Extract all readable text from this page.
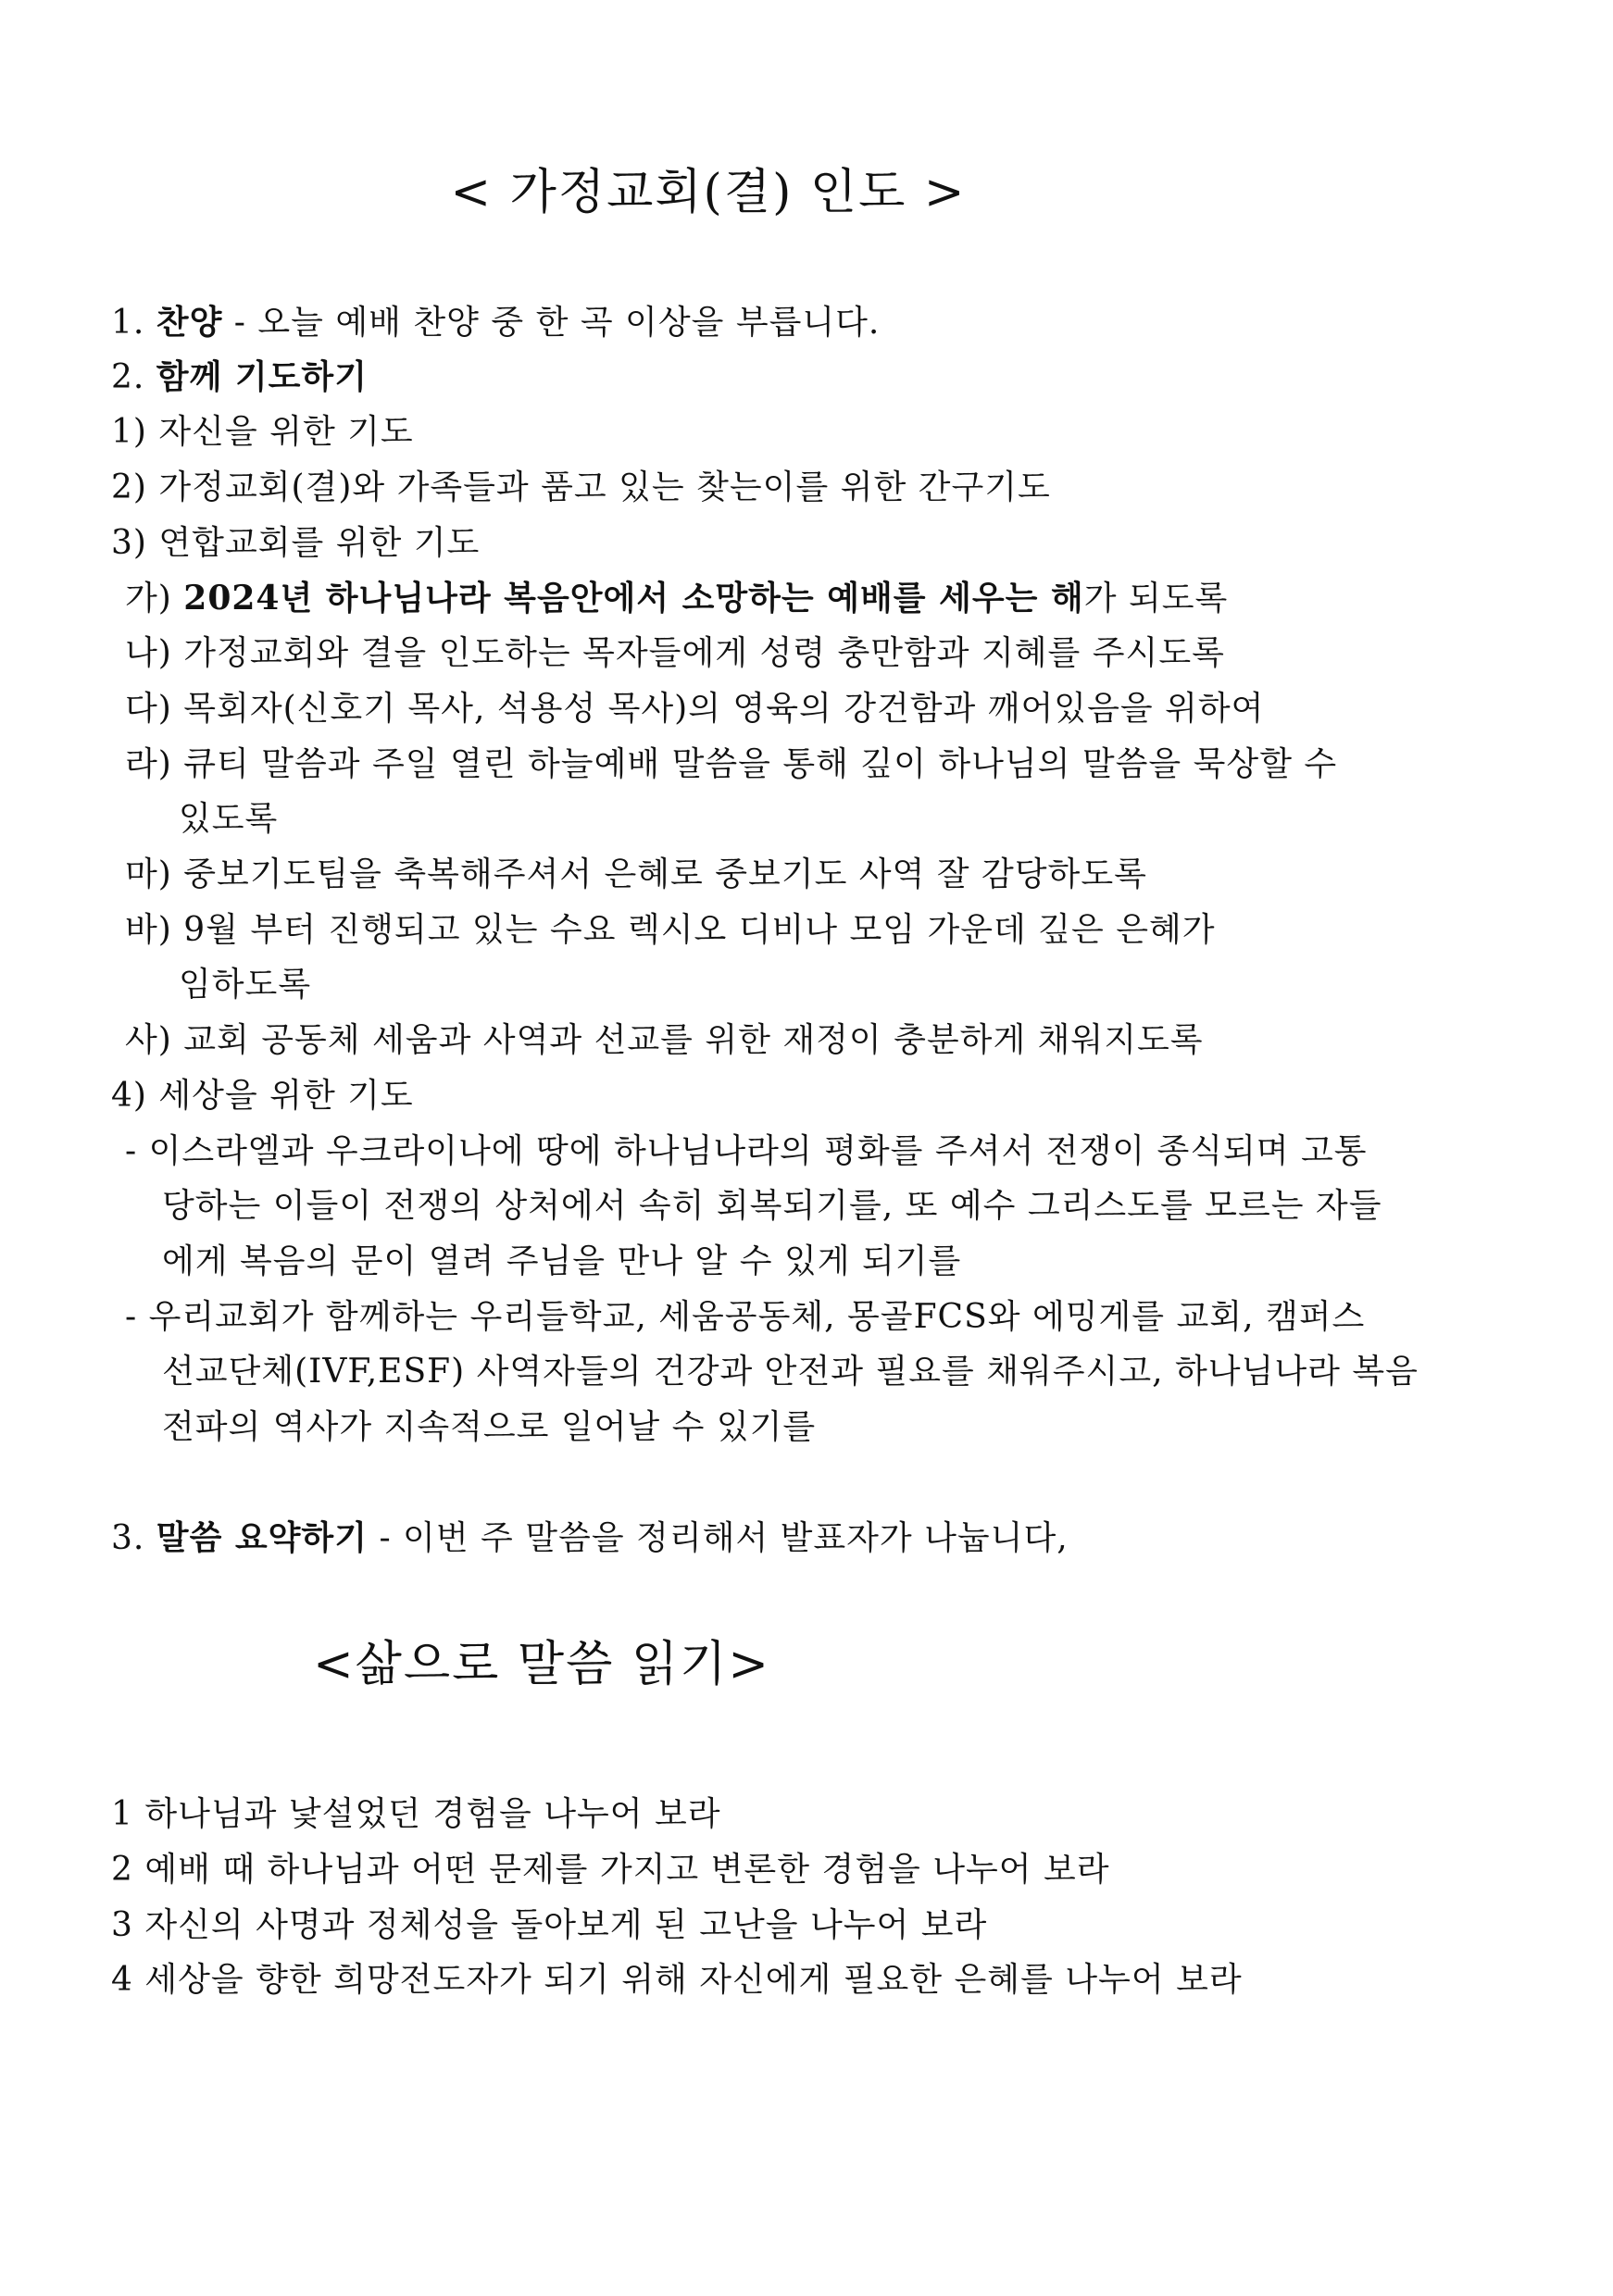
< 가정교회(결) 인도 >
1. 찬양 - 오늘 예배 찬양 중 한 곡 이상을 부릅니다.
2. 함께 기도하기
1) 자신을 위한 기도
2) 가정교회(결)와 가족들과 품고 있는 찾는이를 위한 간구기도
3) 연합교회를 위한 기도
가) 2024년 하나님나라 복음안에서 소망하는 예배를 세우는 해가 되도록
나) 가정교회와 결을 인도하는 목자들에게 성령 충만함과 지혜를 주시도록
다) 목회자(신호기 목사, 석용성 목사)의 영육의 강건함과 깨어있음을 위하여
라) 큐티 말씀과 주일 열린 하늘예배 말씀을 통해 깊이 하나님의 말씀을 묵상할 수
있도록
마) 중보기도팀을 축복해주셔서 은혜로 중보기도 사역 잘 감당하도록
바) 9월 부터 진행되고 있는 수요 렉시오 디비나 모임 가운데 깊은 은혜가
임하도록
사) 교회 공동체 세움과 사역과 선교를 위한 재정이 충분하게 채워지도록
4) 세상을 위한 기도
- 이스라엘과 우크라이나에 땅에 하나님나라의 평화를 주셔서 전쟁이 종식되며 고통
당하는 이들이 전쟁의 상처에서 속히 회복되기를, 또 예수 그리스도를 모르는 자들
에게 복음의 문이 열려 주님을 만나 알 수 있게 되기를
- 우리교회가 함께하는 우리들학교, 세움공동체, 몽골FCS와 에밍게를 교회, 캠퍼스
선교단체(IVF,ESF) 사역자들의 건강과 안전과 필요를 채워주시고, 하나님나라 복음
전파의 역사가 지속적으로 일어날 수 있기를
3. 말씀 요약하기 - 이번 주 말씀을 정리해서 발표자가 나눕니다,
<삶으로 말씀 읽기>
1 하나님과 낯설었던 경험을 나누어 보라
2 예배 때 하나님과 어떤 문제를 가지고 변론한 경험을 나누어 보라
3 자신의 사명과 정체성을 돌아보게 된 고난을 나누어 보라
4 세상을 향한 희망전도자가 되기 위해 자신에게 필요한 은혜를 나누어 보라
